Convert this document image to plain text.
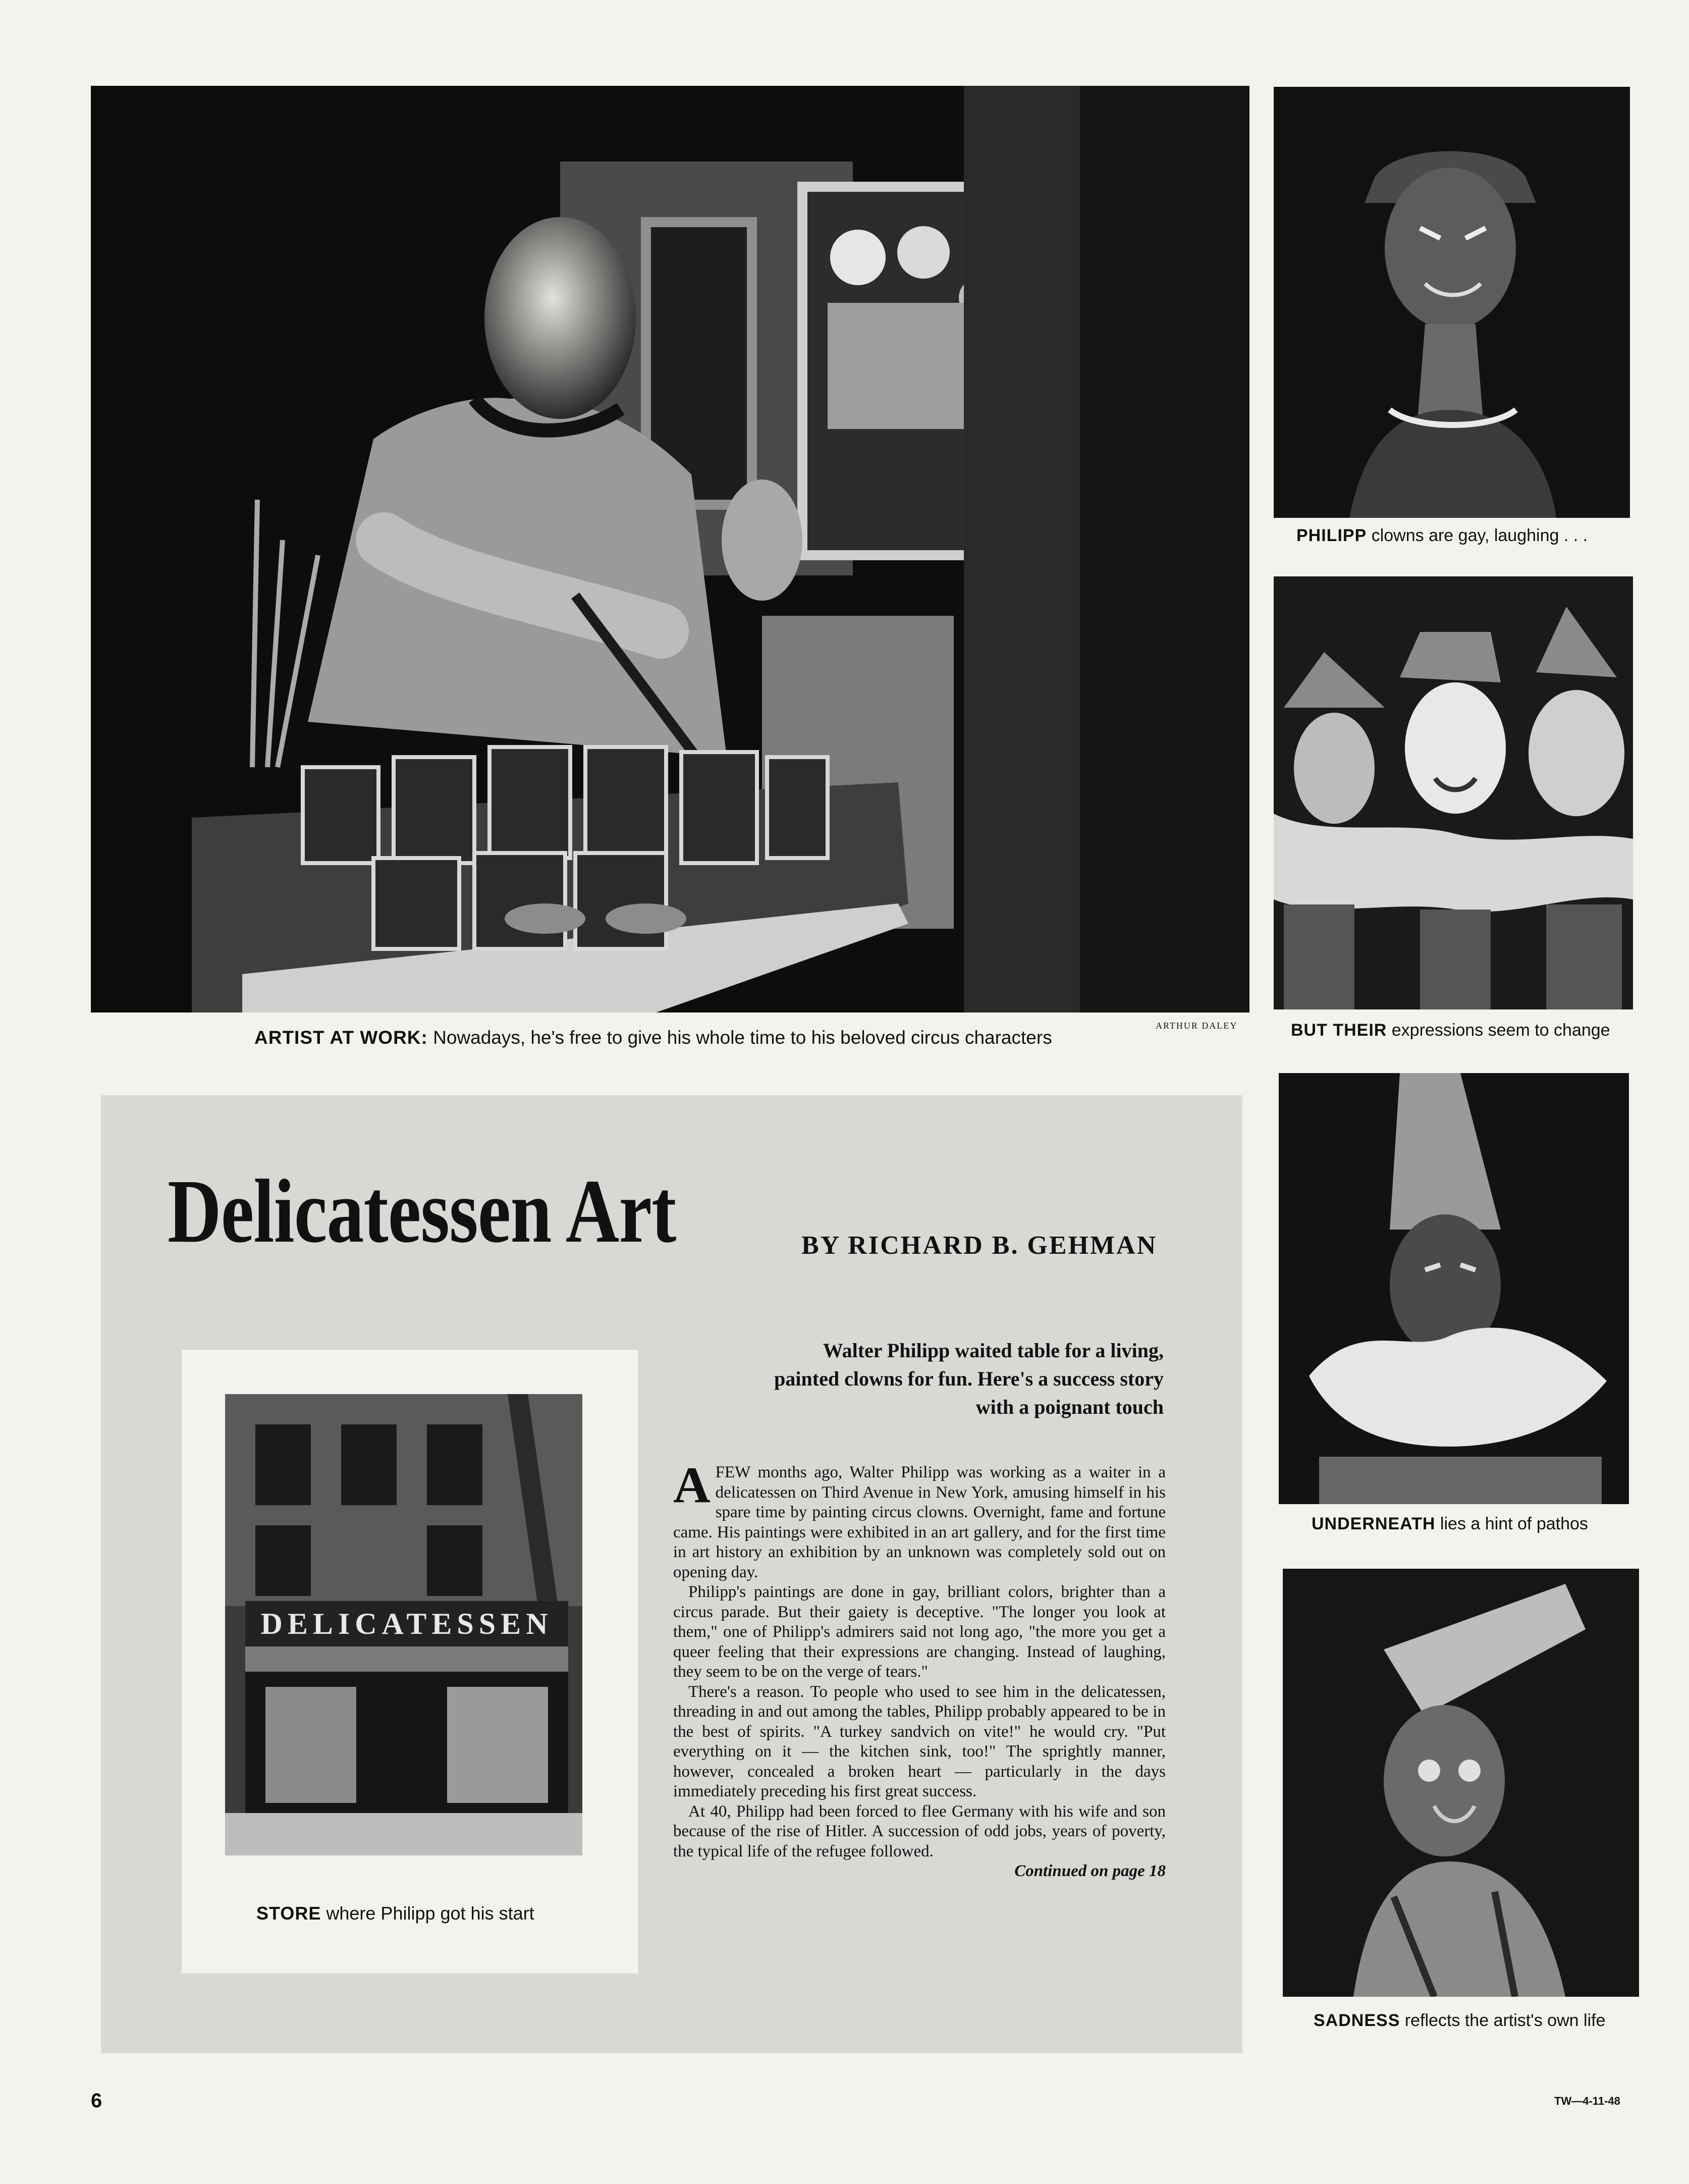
ARTIST AT WORK: Nowadays, he's free to give his whole time to his beloved circus characters
ARTHUR DALEY
PHILIPP clowns are gay, laughing . . .
BUT THEIR expressions seem to change
UNDERNEATH lies a hint of pathos
SADNESS reflects the artist's own life
Delicatessen Art	BY RICHARD B. GEHMAN
DELICATESSEN
STORE where Philipp got his start
Walter Philipp waited table for a living, painted clowns for fun. Here's a success story with a poignant touch

AFEW months ago, Walter Philipp was working as a waiter in a delicatessen on Third Avenue in New York, amusing himself in his spare time by painting circus clowns. Overnight, fame and fortune came. His paintings were exhibited in an art gallery, and for the first time in art history an exhibition by an unknown was completely sold out on opening day.

Philipp's paintings are done in gay, brilliant colors, brighter than a circus parade. But their gaiety is deceptive. "The longer you look at them," one of Philipp's admirers said not long ago, "the more you get a queer feeling that their expressions are changing. Instead of laughing, they seem to be on the verge of tears."

There's a reason. To people who used to see him in the delicatessen, threading in and out among the tables, Philipp probably appeared to be in the best of spirits. "A turkey sandvich on vite!" he would cry. "Put everything on it — the kitchen sink, too!" The sprightly manner, however, concealed a broken heart — particularly in the days immediately preceding his first great success.

At 40, Philipp had been forced to flee Germany with his wife and son because of the rise of Hitler. A succession of odd jobs, years of poverty, the typical life of the refugee followed.

Continued on page 18
6	TW—4-11-48
